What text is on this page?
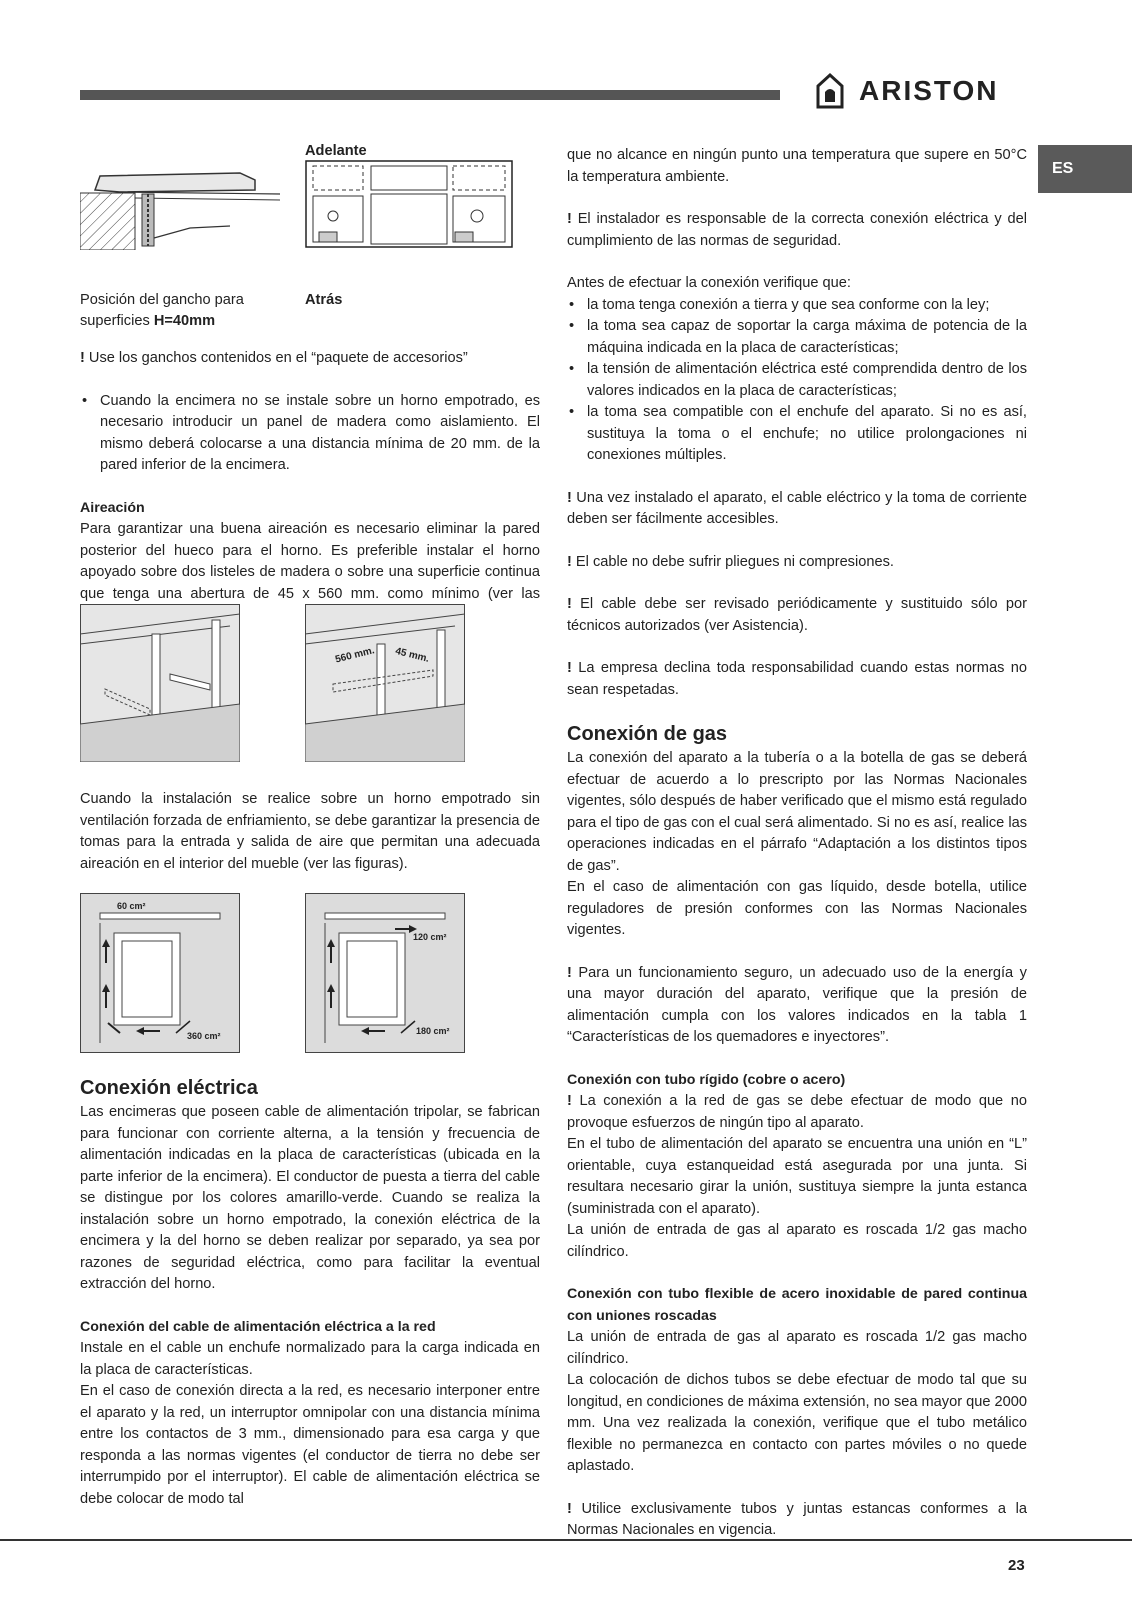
ARISTON
ES
Adelante
Atrás
Posición del gancho para
superficies H=40mm

! Use los ganchos contenidos en el “paquete de accesorios”

• Cuando la encimera no se instale sobre un horno empotrado, es necesario introducir un panel de madera como aislamiento. El mismo deberá colocarse a una distancia mínima de 20 mm. de la pared inferior de la encimera.
Aireación

Para garantizar una buena aireación es necesario eliminar la pared posterior del hueco para el horno. Es preferible instalar el horno apoyado sobre dos listeles de madera o sobre una superficie continua que tenga una abertura de 45 x 560 mm. como mínimo (ver las

560 mm. 45 mm.

Cuando la instalación se realice sobre un horno empotrado sin ventilación forzada de enfriamiento, se debe garantizar la presencia de tomas para la entrada y salida de aire que permitan una adecuada aireación en el interior del mueble (ver las figuras).

60 cm²
360 cm²
120 cm²
180 cm²
Conexión eléctrica

Las encimeras que poseen cable de alimentación tripolar, se fabrican para funcionar con corriente alterna, a la tensión y frecuencia de alimentación indicadas en la placa de características (ubicada en la parte inferior de la encimera). El conductor de puesta a tierra del cable se distingue por los colores amarillo-verde. Cuando se realiza la instalación sobre un horno empotrado, la conexión eléctrica de la encimera y la del horno se deben realizar por separado, ya sea por razones de seguridad eléctrica, como para facilitar la eventual extracción del horno.

Conexión del cable de alimentación eléctrica a la red

Instale en el cable un enchufe normalizado para la carga indicada en la placa de características.

En el caso de conexión directa a la red, es necesario interponer entre el aparato y la red, un interruptor omnipolar con una distancia mínima entre los contactos de 3 mm., dimensionado para esa carga y que responda a las normas vigentes (el conductor de tierra no debe ser interrumpido por el interruptor). El cable de alimentación eléctrica se debe colocar de modo tal

que no alcance en ningún punto una temperatura que supere en 50°C la temperatura ambiente.

! El instalador es responsable de la correcta conexión eléctrica y del cumplimiento de las normas de seguridad.

Antes de efectuar la conexión verifique que:

• la toma tenga conexión a tierra y que sea conforme con la ley;
• la toma sea capaz de soportar la carga máxima de potencia de la máquina indicada en la placa de características;
• la tensión de alimentación eléctrica esté comprendida dentro de los valores indicados en la placa de características;
• la toma sea compatible con el enchufe del aparato. Si no es así, sustituya la toma o el enchufe; no utilice prolongaciones ni conexiones múltiples.

! Una vez instalado el aparato, el cable eléctrico y la toma de corriente deben ser fácilmente accesibles.

! El cable no debe sufrir pliegues ni compresiones.

! El cable debe ser revisado periódicamente y sustituido sólo por técnicos autorizados (ver Asistencia).

! La empresa declina toda responsabilidad cuando estas normas no sean respetadas.

Conexión de gas

La conexión del aparato a la tubería o a la botella de gas se deberá efectuar de acuerdo a lo prescripto por las Normas Nacionales vigentes, sólo después de haber verificado que el mismo está regulado para el tipo de gas con el cual será alimentado. Si no es así, realice las operaciones indicadas en el párrafo “Adaptación a los distintos tipos de gas”.

En el caso de alimentación con gas líquido, desde botella, utilice reguladores de presión conformes con las Normas Nacionales vigentes.

! Para un funcionamiento seguro, un adecuado uso de la energía y una mayor duración del aparato, verifique que la presión de alimentación cumpla con los valores indicados en la tabla 1 “Características de los quemadores e inyectores”.

Conexión con tubo rígido (cobre o acero)

! La conexión a la red de gas se debe efectuar de modo que no provoque esfuerzos de ningún tipo al aparato.

En el tubo de alimentación del aparato se encuentra una unión en “L” orientable, cuya estanqueidad está asegurada por una junta. Si resultara necesario girar la unión, sustituya siempre la junta estanca (suministrada con el aparato).

La unión de entrada de gas al aparato es roscada 1/2 gas macho cilíndrico.

Conexión con tubo flexible de acero inoxidable de pared continua con uniones roscadas

La unión de entrada de gas al aparato es roscada 1/2 gas macho cilíndrico.

La colocación de dichos tubos se debe efectuar de modo tal que su longitud, en condiciones de máxima extensión, no sea mayor que 2000 mm. Una vez realizada la conexión, verifique que el tubo metálico flexible no permanezca en contacto con partes móviles o no quede aplastado.

! Utilice exclusivamente tubos y juntas estancas conformes a la Normas Nacionales en vigencia.

23
